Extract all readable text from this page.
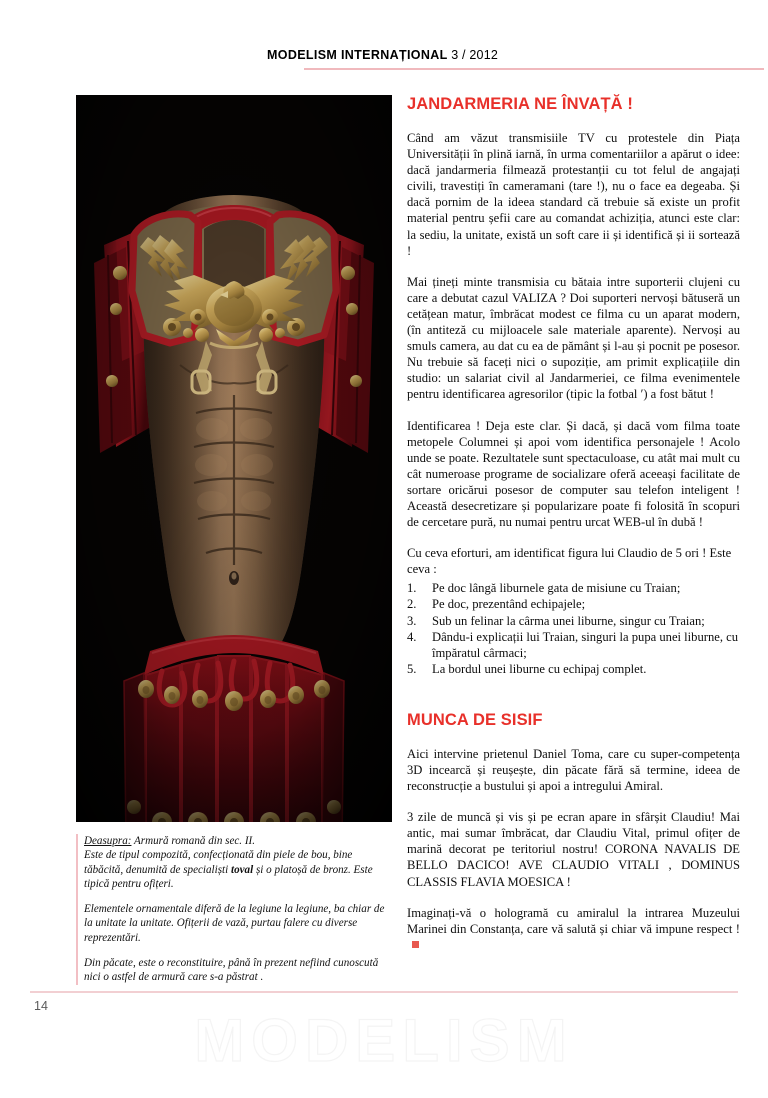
MODELISM INTERNAȚIONAL 3 / 2012

Deasupra: Armură romană din sec. II.
Este de tipul compozită, confecționată din piele de bou, bine tăbăcită, denumită de specialiști toval și o platoșă de bronz. Este tipică pentru ofițeri.

Elementele ornamentale diferă de la legiune la legiune, ba chiar de la unitate la unitate. Ofițerii de vază, purtau falere cu diverse reprezentări.

Din păcate, este o reconstituire, până în prezent nefiind cunoscută nici o astfel de armură care s-a păstrat .

JANDARMERIA NE ÎNVAȚĂ !

Când am văzut transmisiile TV cu protestele din Piața Universității în plină iarnă, în urma comentariilor a apărut o idee: dacă jandarmeria filmează protestanții cu tot felul de angajați civili, travestiți în cameramani (tare !), nu o face ea degeaba. Și dacă pornim de la ideea standard că trebuie să existe un profit material pentru șefii care au comandat achiziția, atunci este clar: la sediu, la unitate, există un soft care ii și identifică și ii sortează !

Mai țineți minte transmisia cu bătaia intre suporterii clujeni cu care a debutat cazul VALIZA ? Doi suporteri nervoși bătuseră un cetățean matur, îmbrăcat modest ce filma cu un aparat modern, (în antiteză cu mijloacele sale materiale aparente). Nervoși au smuls camera, au dat cu ea de pământ și l-au și pocnit pe posesor. Nu trebuie să faceți nici o supoziție, am primit explicațiile din studio: un salariat civil al Jandarmeriei, ce filma evenimentele pentru identificarea agresorilor (tipic la fotbal ′) a fost bătut !

Identificarea ! Deja este clar. Și dacă, și dacă vom filma toate metopele Columnei și apoi vom identifica personajele ! Acolo unde se poate. Rezultatele sunt spectaculoase, cu atât mai mult cu cât numeroase programe de socializare oferă aceeași facilitate de sortare oricărui posesor de computer sau telefon inteligent ! Această desecretizare și popularizare poate fi folosită în scopuri de cercetare pură, nu numai pentru urcat WEB-ul în dubă !

Cu ceva eforturi, am identificat figura lui Claudio de 5 ori ! Este ceva :

1.	Pe doc lângă liburnele gata de misiune cu Traian;
2.	Pe doc, prezentând echipajele;
3.	Sub un felinar la cârma unei liburne, singur cu Traian;
4.	Dându-i explicații lui Traian, singuri la pupa unei liburne, cu împăratul cârmaci;
5.	La bordul unei liburne cu echipaj complet.
MUNCA DE SISIF

Aici intervine prietenul Daniel Toma, care cu super-competența 3D incearcă și reușește, din păcate fără să termine, ideea de reconstrucție a bustului și apoi a intregului Amiral.

3 zile de muncă și vis și pe ecran apare in sfârșit Claudiu! Mai antic, mai sumar îmbrăcat, dar Claudiu Vital, primul ofițer de marină decorat pe teritoriul nostru! CORONA NAVALIS DE BELLO DACICO! AVE CLAUDIO VITALI , DOMINUS CLASSIS FLAVIA MOESICA !

Imaginați-vă o hologramă cu amiralul la intrarea Muzeului Marinei din Constanța, care vă salută și chiar vă impune respect !

14
MODELISM
